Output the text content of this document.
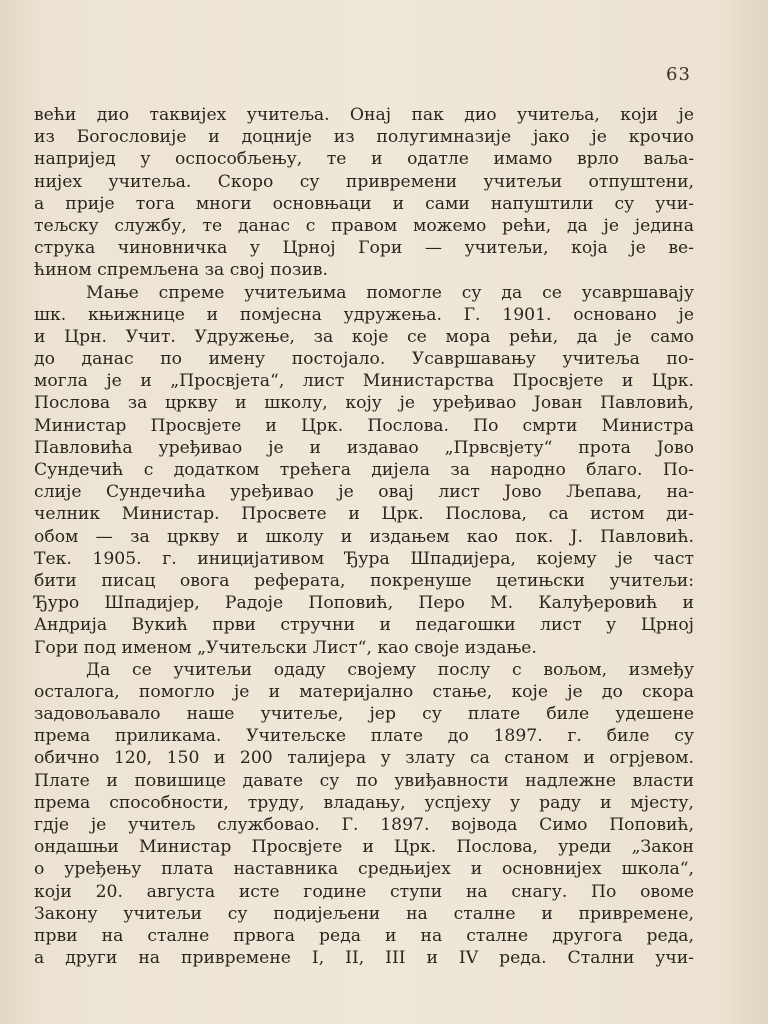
63
већи дио таквијех учитеља. Онај пак дио учитеља, који је
из Богословије и доцније из полугимназије јако је крочио
напријед у оспособљењу, те и одатле имамо врло ваља-
нијех учитеља. Скоро су привремени учитељи отпуштени,
а прије тога многи основњаци и сами напуштили су учи-
тељску службу, те данас с правом можемо рећи, да је једина
струка чиновничка у Црној Гори — учитељи, која је ве-
ћином спремљена за свој позив.
Мање спреме учитељима помогле су да се усавршавају
шк. књижнице и помјесна удружења. Г. 1901. основано је
и Црн. Учит. Удружење, за које се мора рећи, да је само
до данас по имену постојало. Усавршавању учитеља по-
могла је и „Просвјета“, лист Министарства Просвјете и Црк.
Послова за цркву и школу, коју је уређивао Јован Павловић,
Министар Просвјете и Црк. Послова. По смрти Министра
Павловића уређивао је и издавао „Првсвјету“ прота Јово
Сундечић с додатком трећега дијела за народно благо. По-
слије Сундечића уређивао је овај лист Јово Љепава, на-
челник Министар. Просвете и Црк. Послова, са истом ди-
обом — за цркву и школу и издањем као пок. Ј. Павловић.
Тек. 1905. г. иницијативом Ђура Шпадијера, којему је част
бити писац овога реферата, покренуше цетињски учитељи:
Ђуро Шпадијер, Радоје Поповић, Перо М. Калуђеровић и
Андрија Вукић први стручни и педагошки лист у Црној
Гори под именом „Учитељски Лист“, као своје издање.
Да се учитељи одаду својему послу с вољом, између
осталога, помогло је и материјално стање, које је до скора
задовољавало наше учитеље, јер су плате биле удешене
према приликама. Учитељске плате до 1897. г. биле су
обично 120, 150 и 200 талијера у злату са станом и огрјевом.
Плате и повишице давате су по увиђавности надлежне власти
према способности, труду, владању, успјеху у раду и мјесту,
гдје је учитељ службовао. Г. 1897. војвода Симо Поповић,
ондашњи Министар Просвјете и Црк. Послова, уреди „Закон
о уређењу плата наставника средњијех и основнијех школа“,
који 20. августа исте године ступи на снагу. По овоме
Закону учитељи су подијељени на сталне и привремене,
први на сталне првога реда и на сталне другога реда,
а други на привремене I, II, III и IV реда. Стални учи-
